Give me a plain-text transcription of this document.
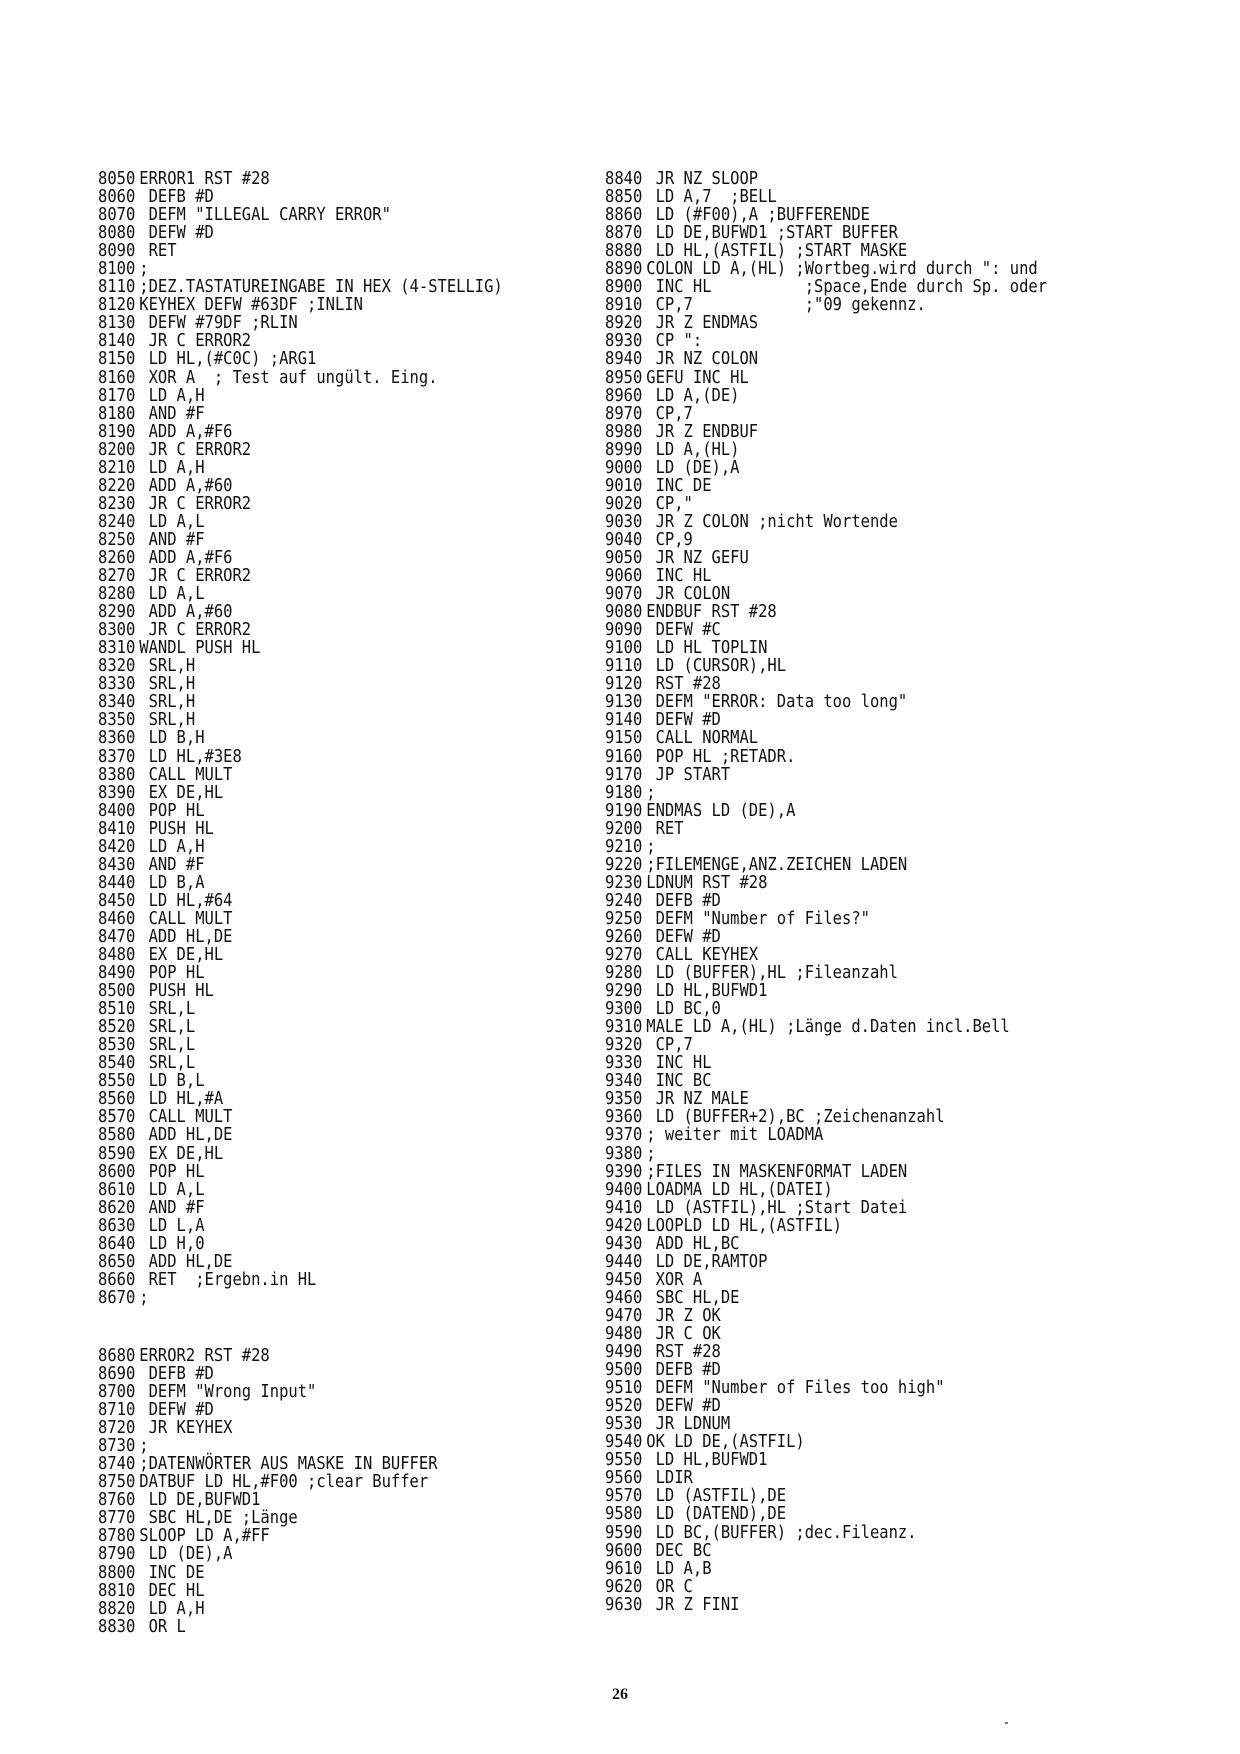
8050 ERROR1 RST #28
8060 DEFB #D
8070 DEFM "ILLEGAL CARRY ERROR"
8080 DEFW #D
8090 RET
8100 ;
8110 ;DEZ.TASTATUREINGABE IN HEX (4-STELLIG)
8120 KEYHEX DEFW #63DF ;INLIN
8130 DEFW #79DF ;RLIN
8140 JR C ERROR2
8150 LD HL,(#C0C) ;ARG1
8160 XOR A  ; Test auf ungült. Eing.
8170 LD A,H
8180 AND #F
8190 ADD A,#F6
8200 JR C ERROR2
8210 LD A,H
8220 ADD A,#60
8230 JR C ERROR2
8240 LD A,L
8250 AND #F
8260 ADD A,#F6
8270 JR C ERROR2
8280 LD A,L
8290 ADD A,#60
8300 JR C ERROR2
8310 WANDL PUSH HL
8320 SRL,H
8330 SRL,H
8340 SRL,H
8350 SRL,H
8360 LD B,H
8370 LD HL,#3E8
8380 CALL MULT
8390 EX DE,HL
8400 POP HL
8410 PUSH HL
8420 LD A,H
8430 AND #F
8440 LD B,A
8450 LD HL,#64
8460 CALL MULT
8470 ADD HL,DE
8480 EX DE,HL
8490 POP HL
8500 PUSH HL
8510 SRL,L
8520 SRL,L
8530 SRL,L
8540 SRL,L
8550 LD B,L
8560 LD HL,#A
8570 CALL MULT
8580 ADD HL,DE
8590 EX DE,HL
8600 POP HL
8610 LD A,L
8620 AND #F
8630 LD L,A
8640 LD H,0
8650 ADD HL,DE
8660 RET  ;Ergebn.in HL
8670 ;
8680 ERROR2 RST #28
8690 DEFB #D
8700 DEFM "Wrong Input"
8710 DEFW #D
8720 JR KEYHEX
8730 ;
8740 ;DATENWÖRTER AUS MASKE IN BUFFER
8750 DATBUF LD HL,#F00 ;clear Buffer
8760 LD DE,BUFWD1
8770 SBC HL,DE ;Länge
8780 SLOOP LD A,#FF
8790 LD (DE),A
8800 INC DE
8810 DEC HL
8820 LD A,H
8830 OR L
8840 JR NZ SLOOP
8850 LD A,7  ;BELL
8860 LD (#F00),A ;BUFFERENDE
8870 LD DE,BUFWD1 ;START BUFFER
8880 LD HL,(ASTFIL) ;START MASKE
8890 COLON LD A,(HL) ;Wortbeg.wird durch ": und
8900 INC HL          ;Space,Ende durch Sp. oder
8910 CP,7            ;"09 gekennz.
8920 JR Z ENDMAS
8930 CP ":
8940 JR NZ COLON
8950 GEFU INC HL
8960 LD A,(DE)
8970 CP,7
8980 JR Z ENDBUF
8990 LD A,(HL)
9000 LD (DE),A
9010 INC DE
9020 CP,"
9030 JR Z COLON ;nicht Wortende
9040 CP,9
9050 JR NZ GEFU
9060 INC HL
9070 JR COLON
9080 ENDBUF RST #28
9090 DEFW #C
9100 LD HL TOPLIN
9110 LD (CURSOR),HL
9120 RST #28
9130 DEFM "ERROR: Data too long"
9140 DEFW #D
9150 CALL NORMAL
9160 POP HL ;RETADR.
9170 JP START
9180 ;
9190 ENDMAS LD (DE),A
9200 RET
9210 ;
9220 ;FILEMENGE,ANZ.ZEICHEN LADEN
9230 LDNUM RST #28
9240 DEFB #D
9250 DEFM "Number of Files?"
9260 DEFW #D
9270 CALL KEYHEX
9280 LD (BUFFER),HL ;Fileanzahl
9290 LD HL,BUFWD1
9300 LD BC,0
9310 MALE LD A,(HL) ;Länge d.Daten incl.Bell
9320 CP,7
9330 INC HL
9340 INC BC
9350 JR NZ MALE
9360 LD (BUFFER+2),BC ;Zeichenanzahl
9370 ; weiter mit LOADMA
9380 ;
9390 ;FILES IN MASKENFORMAT LADEN
9400 LOADMA LD HL,(DATEI)
9410 LD (ASTFIL),HL ;Start Datei
9420 LOOPLD LD HL,(ASTFIL)
9430 ADD HL,BC
9440 LD DE,RAMTOP
9450 XOR A
9460 SBC HL,DE
9470 JR Z OK
9480 JR C OK
9490 RST #28
9500 DEFB #D
9510 DEFM "Number of Files too high"
9520 DEFW #D
9530 JR LDNUM
9540 OK LD DE,(ASTFIL)
9550 LD HL,BUFWD1
9560 LDIR
9570 LD (ASTFIL),DE
9580 LD (DATEND),DE
9590 LD BC,(BUFFER) ;dec.Fileanz.
9600 DEC BC
9610 LD A,B
9620 OR C
9630 JR Z FINI
26
